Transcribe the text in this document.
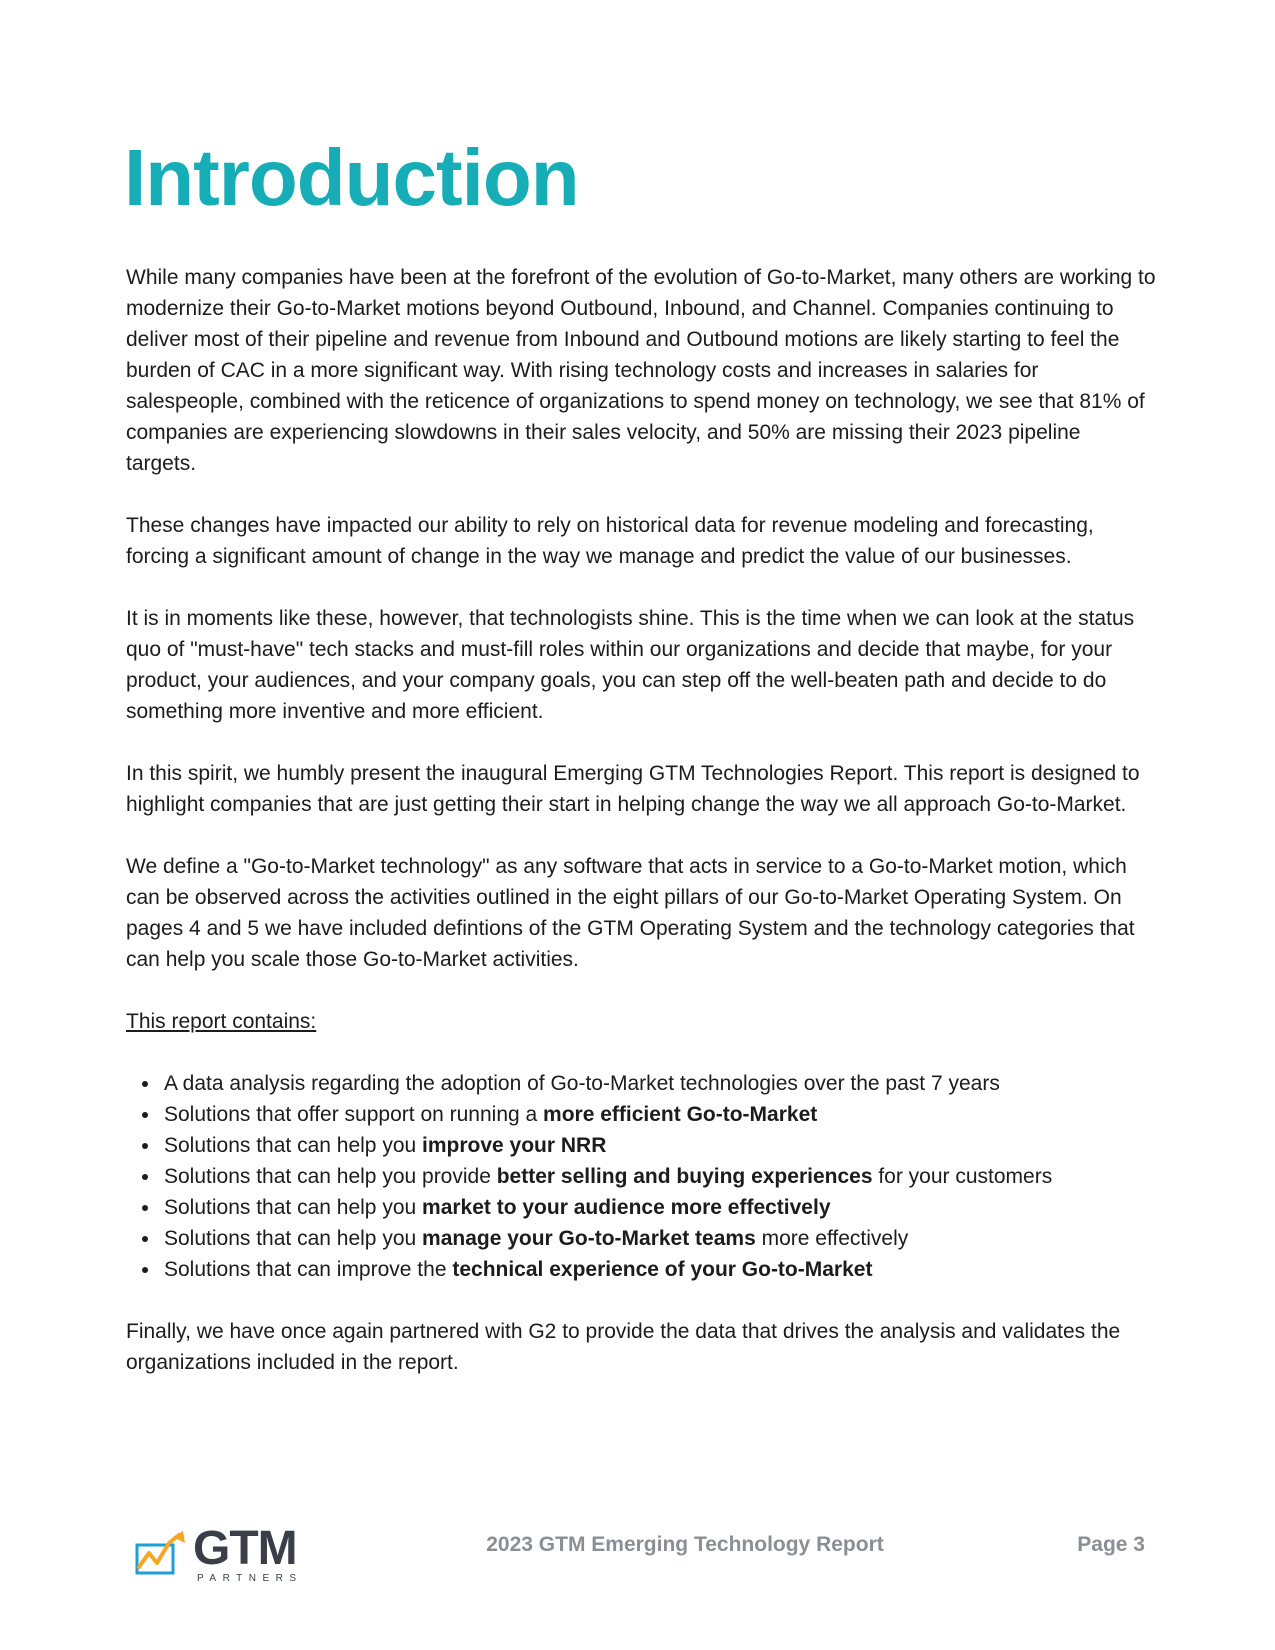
Introduction

While many companies have been at the forefront of the evolution of Go-to-Market, many others are working to modernize their Go-to-Market motions beyond Outbound, Inbound, and Channel. Companies continuing to deliver most of their pipeline and revenue from Inbound and Outbound motions are likely starting to feel the burden of CAC in a more significant way. With rising technology costs and increases in salaries for salespeople, combined with the reticence of organizations to spend money on technology, we see that 81% of companies are experiencing slowdowns in their sales velocity, and 50% are missing their 2023 pipeline targets.

These changes have impacted our ability to rely on historical data for revenue modeling and forecasting, forcing a significant amount of change in the way we manage and predict the value of our businesses.

It is in moments like these, however, that technologists shine. This is the time when we can look at the status quo of "must-have" tech stacks and must-fill roles within our organizations and decide that maybe, for your product, your audiences, and your company goals, you can step off the well-beaten path and decide to do something more inventive and more efficient.

In this spirit, we humbly present the inaugural Emerging GTM Technologies Report. This report is designed to highlight companies that are just getting their start in helping change the way we all approach Go-to-Market.

We define a "Go-to-Market technology" as any software that acts in service to a Go-to-Market motion, which can be observed across the activities outlined in the eight pillars of our Go-to-Market Operating System. On pages 4 and 5 we have included defintions of the GTM Operating System and the technology categories that can help you scale those Go-to-Market activities.

This report contains:

A data analysis regarding the adoption of Go-to-Market technologies over the past 7 years
Solutions that offer support on running a more efficient Go-to-Market
Solutions that can help you improve your NRR
Solutions that can help you provide better selling and buying experiences for your customers
Solutions that can help you market to your audience more effectively
Solutions that can help you manage your Go-to-Market teams more effectively
Solutions that can improve the technical experience of your Go-to-Market

Finally, we have once again partnered with G2 to provide the data that drives the analysis and validates the organizations included in the report.

GTM
PARTNERS
2023 GTM Emerging Technology Report	Page 3
